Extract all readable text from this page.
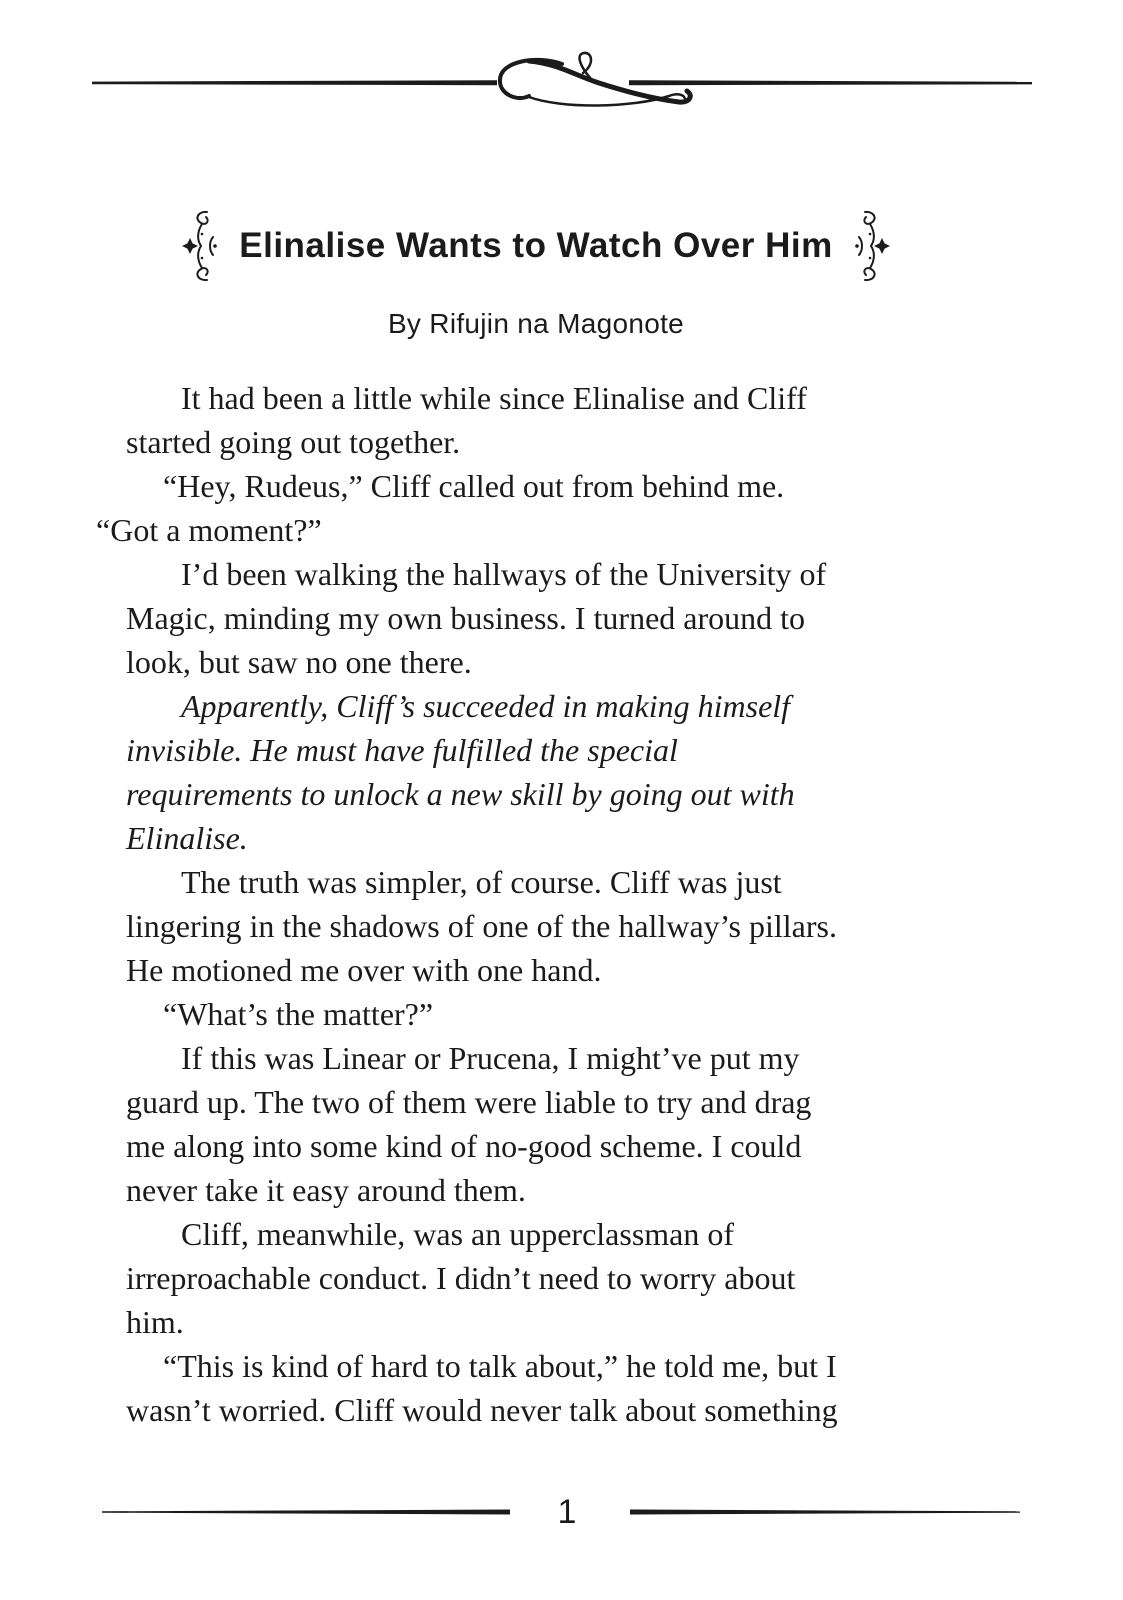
Elinalise Wants to Watch Over Him
By Rifujin na Magonote
It had been a little while since Elinalise and Cliff
started going out together.
“Hey, Rudeus,” Cliff called out from behind me.
“Got a moment?”
I’d been walking the hallways of the University of
Magic, minding my own business. I turned around to
look, but saw no one there.
Apparently, Cliff’s succeeded in making himself
invisible. He must have fulfilled the special
requirements to unlock a new skill by going out with
Elinalise.
The truth was simpler, of course. Cliff was just
lingering in the shadows of one of the hallway’s pillars.
He motioned me over with one hand.
“What’s the matter?”
If this was Linear or Prucena, I might’ve put my
guard up. The two of them were liable to try and drag
me along into some kind of no-good scheme. I could
never take it easy around them.
Cliff, meanwhile, was an upperclassman of
irreproachable conduct. I didn’t need to worry about
him.
“This is kind of hard to talk about,” he told me, but I
wasn’t worried. Cliff would never talk about something
1
